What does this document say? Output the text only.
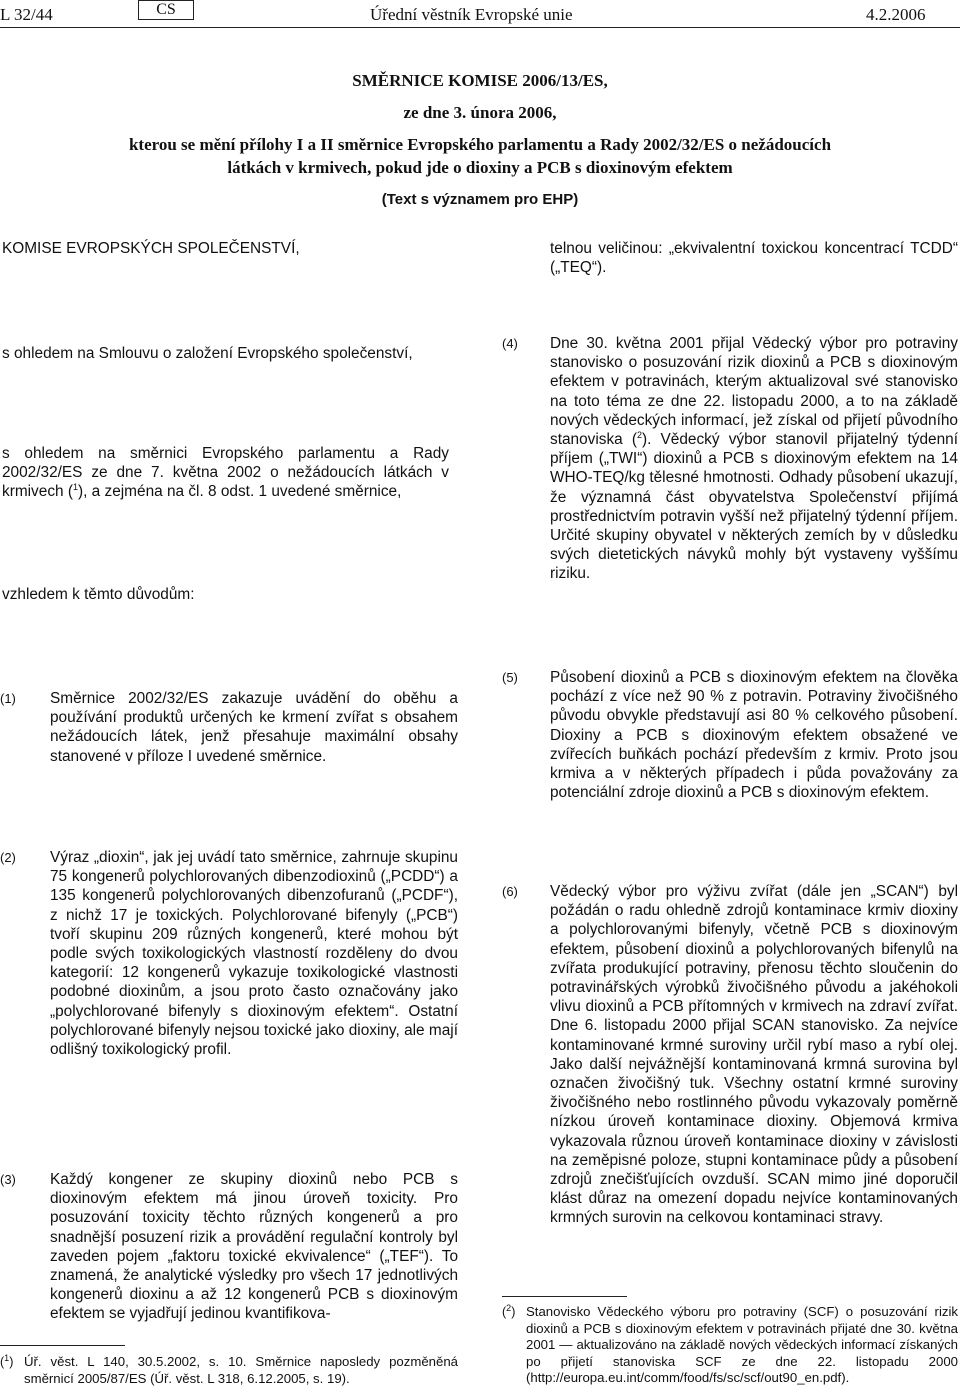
L 32/44	CS	Úřední věstník Evropské unie	4.2.2006
SMĚRNICE KOMISE 2006/13/ES,
ze dne 3. února 2006,
kterou se mění přílohy I a II směrnice Evropského parlamentu a Rady 2002/32/ES o nežádoucích
látkách v krmivech, pokud jde o dioxiny a PCB s dioxinovým efektem
(Text s významem pro EHP)
KOMISE EVROPSKÝCH SPOLEČENSTVÍ,
s ohledem na Smlouvu o založení Evropského společenství,
s ohledem na směrnici Evropského parlamentu a Rady 2002/32/ES ze dne 7. května 2002 o nežádoucích látkách v krmivech ($^1$), a zejména na čl. 8 odst. 1 uvedené směrnice,
vzhledem k těmto důvodům:
(1) Směrnice 2002/32/ES zakazuje uvádění do oběhu a používání produktů určených ke krmení zvířat s obsahem nežádoucích látek, jenž přesahuje maximální obsahy stanovené v příloze I uvedené směrnice.
(2) Výraz „dioxin“, jak jej uvádí tato směrnice, zahrnuje skupinu 75 kongenerů polychlorovaných dibenzodioxinů („PCDD“) a 135 kongenerů polychlorovaných dibenzofuranů („PCDF“), z nichž 17 je toxických. Polychlorované bifenyly („PCB“) tvoří skupinu 209 různých kongenerů, které mohou být podle svých toxikologických vlastností rozděleny do dvou kategorií: 12 kongenerů vykazuje toxikologické vlastnosti podobné dioxinům, a jsou proto často označovány jako „polychlorované bifenyly s dioxinovým efektem“. Ostatní polychlorované bifenyly nejsou toxické jako dioxiny, ale mají odlišný toxikologický profil.
(3) Každý kongener ze skupiny dioxinů nebo PCB s dioxinovým efektem má jinou úroveň toxicity. Pro posuzování toxicity těchto různých kongenerů a pro snadnější posuzení rizik a provádění regulační kontroly byl zaveden pojem „faktoru toxické ekvivalence“ („TEF“). To znamená, že analytické výsledky pro všech 17 jednotlivých kongenerů dioxinu a až 12 kongenerů PCB s dioxinovým efektem se vyjadřují jedinou kvantifikova-
($^1$) Úř. věst. L 140, 30.5.2002, s. 10. Směrnice naposledy pozměněná směrnicí 2005/87/ES (Úř. věst. L 318, 6.12.2005, s. 19).
telnou veličinou: „ekvivalentní toxickou koncentrací TCDD“ („TEQ“).
(4) Dne 30. května 2001 přijal Vědecký výbor pro potraviny stanovisko o posuzování rizik dioxinů a PCB s dioxinovým efektem v potravinách, kterým aktualizoval své stanovisko na toto téma ze dne 22. listopadu 2000, a to na základě nových vědeckých informací, jež získal od přijetí původního stanoviska ($^2$). Vědecký výbor stanovil přijatelný týdenní příjem („TWI“) dioxinů a PCB s dioxinovým efektem na 14 WHO-TEQ/kg tělesné hmotnosti. Odhady působení ukazují, že významná část obyvatelstva Společenství přijímá prostřednictvím potravin vyšší než přijatelný týdenní příjem. Určité skupiny obyvatel v některých zemích by v důsledku svých dietetických návyků mohly být vystaveny vyššímu riziku.
(5) Působení dioxinů a PCB s dioxinovým efektem na člověka pochází z více než 90 % z potravin. Potraviny živočišného původu obvykle představují asi 80 % celkového působení. Dioxiny a PCB s dioxinovým efektem obsažené ve zvířecích buňkách pochází především z krmiv. Proto jsou krmiva a v některých případech i půda považovány za potenciální zdroje dioxinů a PCB s dioxinovým efektem.
(6) Vědecký výbor pro výživu zvířat (dále jen „SCAN“) byl požádán o radu ohledně zdrojů kontaminace krmiv dioxiny a polychlorovanými bifenyly, včetně PCB s dioxinovým efektem, působení dioxinů a polychlorovaných bifenylů na zvířata produkující potraviny, přenosu těchto sloučenin do potravinářských výrobků živočišného původu a jakéhokoli vlivu dioxinů a PCB přítomných v krmivech na zdraví zvířat. Dne 6. listopadu 2000 přijal SCAN stanovisko. Za nejvíce kontaminované krmné suroviny určil rybí maso a rybí olej. Jako další nejvážnější kontaminovaná krmná surovina byl označen živočišný tuk. Všechny ostatní krmné suroviny živočišného nebo rostlinného původu vykazovaly poměrně nízkou úroveň kontaminace dioxiny. Objemová krmiva vykazovala různou úroveň kontaminace dioxiny v závislosti na zeměpisné poloze, stupni kontaminace půdy a působení zdrojů znečišťujících ovzduší. SCAN mimo jiné doporučil klást důraz na omezení dopadu nejvíce kontaminovaných krmných surovin na celkovou kontaminaci stravy.
($^2$) Stanovisko Vědeckého výboru pro potraviny (SCF) o posuzování rizik dioxinů a PCB s dioxinovým efektem v potravinách přijaté dne 30. května 2001 — aktualizováno na základě nových vědeckých informací získaných po přijetí stanoviska SCF ze dne 22. listopadu 2000 (http://europa.eu.int/comm/food/fs/sc/scf/out90_en.pdf).
